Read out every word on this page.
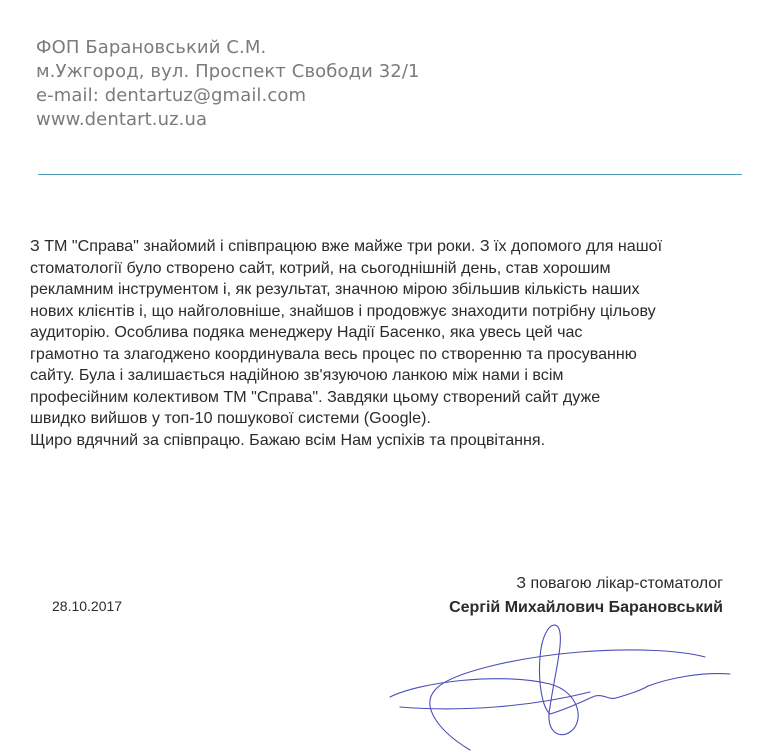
ФОП Барановський С.М.
м.Ужгород, вул. Проспект Свободи 32/1
e-mail: dentartuz@gmail.com
www.dentart.uz.ua
З ТМ "Справа" знайомий і співпрацюю вже майже три роки. З їх допомого для нашої
стоматології було створено сайт, котрий, на сьогоднішній день, став хорошим
рекламним інструментом і, як результат, значною мірою збільшив кількість наших
нових клієнтів і, що найголовніше, знайшов і продовжує знаходити потрібну цільову
аудиторію. Особлива подяка менеджеру Надії Басенко, яка увесь цей час
грамотно та злагоджено координувала весь процес по створенню та просуванню
сайту. Була і залишається надійною зв'язуючою ланкою між нами і всім
професійним колективом ТМ "Справа". Завдяки цьому створений сайт дуже
швидко вийшов у топ-10 пошукової системи (Google).
Щиро вдячний за співпрацю. Бажаю всім Нам успіхів та процвітання.
28.10.2017
З повагою лікар-стоматолог
Сергій Михайлович Барановський
